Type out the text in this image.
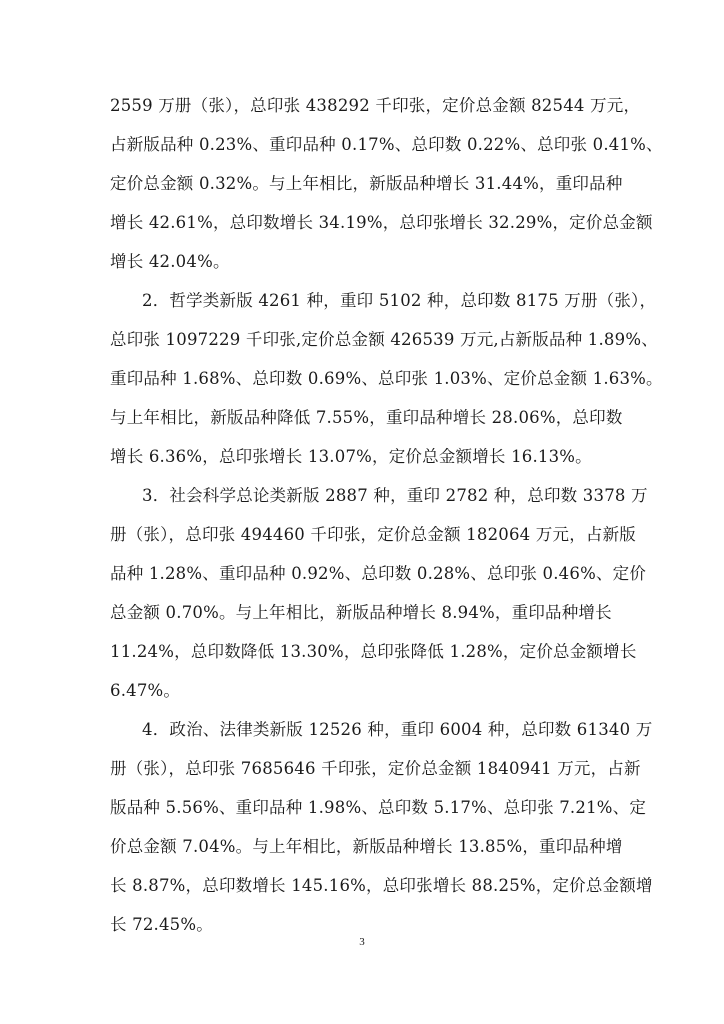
2559 万册（张），总印张 438292 千印张，定价总金额 82544 万元，
占新版品种 0.23%、重印品种 0.17%、总印数 0.22%、总印张 0.41%、
定价总金额 0.32%。与上年相比，新版品种增长 31.44%，重印品种
增长 42.61%，总印数增长 34.19%，总印张增长 32.29%，定价总金额
增长 42.04%。
2．哲学类新版 4261 种，重印 5102 种，总印数 8175 万册（张），
总印张 1097229 千印张,定价总金额 426539 万元,占新版品种 1.89%、
重印品种 1.68%、总印数 0.69%、总印张 1.03%、定价总金额 1.63%。
与上年相比，新版品种降低 7.55%，重印品种增长 28.06%，总印数
增长 6.36%，总印张增长 13.07%，定价总金额增长 16.13%。
3．社会科学总论类新版 2887 种，重印 2782 种，总印数 3378 万
册（张），总印张 494460 千印张，定价总金额 182064 万元，占新版
品种 1.28%、重印品种 0.92%、总印数 0.28%、总印张 0.46%、定价
总金额 0.70%。与上年相比，新版品种增长 8.94%，重印品种增长
11.24%，总印数降低 13.30%，总印张降低 1.28%，定价总金额增长
6.47%。
4．政治、法律类新版 12526 种，重印 6004 种，总印数 61340 万
册（张），总印张 7685646 千印张，定价总金额 1840941 万元，占新
版品种 5.56%、重印品种 1.98%、总印数 5.17%、总印张 7.21%、定
价总金额 7.04%。与上年相比，新版品种增长 13.85%，重印品种增
长 8.87%，总印数增长 145.16%，总印张增长 88.25%，定价总金额增
长 72.45%。
3
